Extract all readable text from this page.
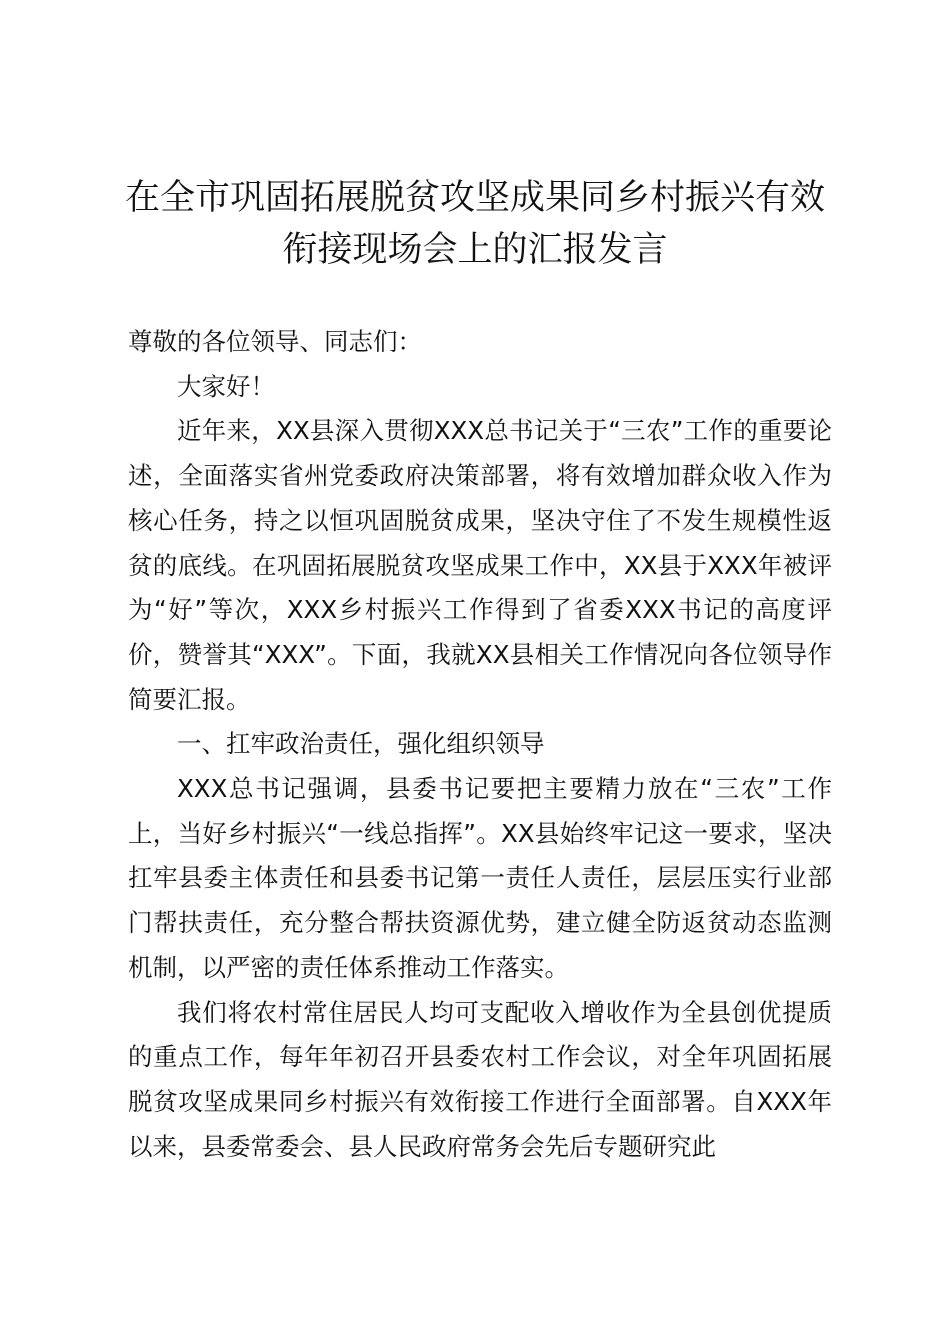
在全市巩固拓展脱贫攻坚成果同乡村振兴有效
衔接现场会上的汇报发言

尊敬的各位领导、同志们：

大家好！

近年来，XX县深入贯彻XXX总书记关于“三农”工作的重要论述，全面落实省州党委政府决策部署，将有效增加群众收入作为核心任务，持之以恒巩固脱贫成果，坚决守住了不发生规模性返贫的底线。在巩固拓展脱贫攻坚成果工作中，XX县于XXX年被评为“好”等次，XXX乡村振兴工作得到了省委XXX书记的高度评价，赞誉其“XXX”。下面，我就XX县相关工作情况向各位领导作简要汇报。

一、扛牢政治责任，强化组织领导

XXX总书记强调，县委书记要把主要精力放在“三农”工作上，当好乡村振兴“一线总指挥”。XX县始终牢记这一要求，坚决扛牢县委主体责任和县委书记第一责任人责任，层层压实行业部门帮扶责任，充分整合帮扶资源优势，建立健全防返贫动态监测机制，以严密的责任体系推动工作落实。

我们将农村常住居民人均可支配收入增收作为全县创优提质的重点工作，每年年初召开县委农村工作会议，对全年巩固拓展脱贫攻坚成果同乡村振兴有效衔接工作进行全面部署。自XXX年以来，县委常委会、县人民政府常务会先后专题研究此
